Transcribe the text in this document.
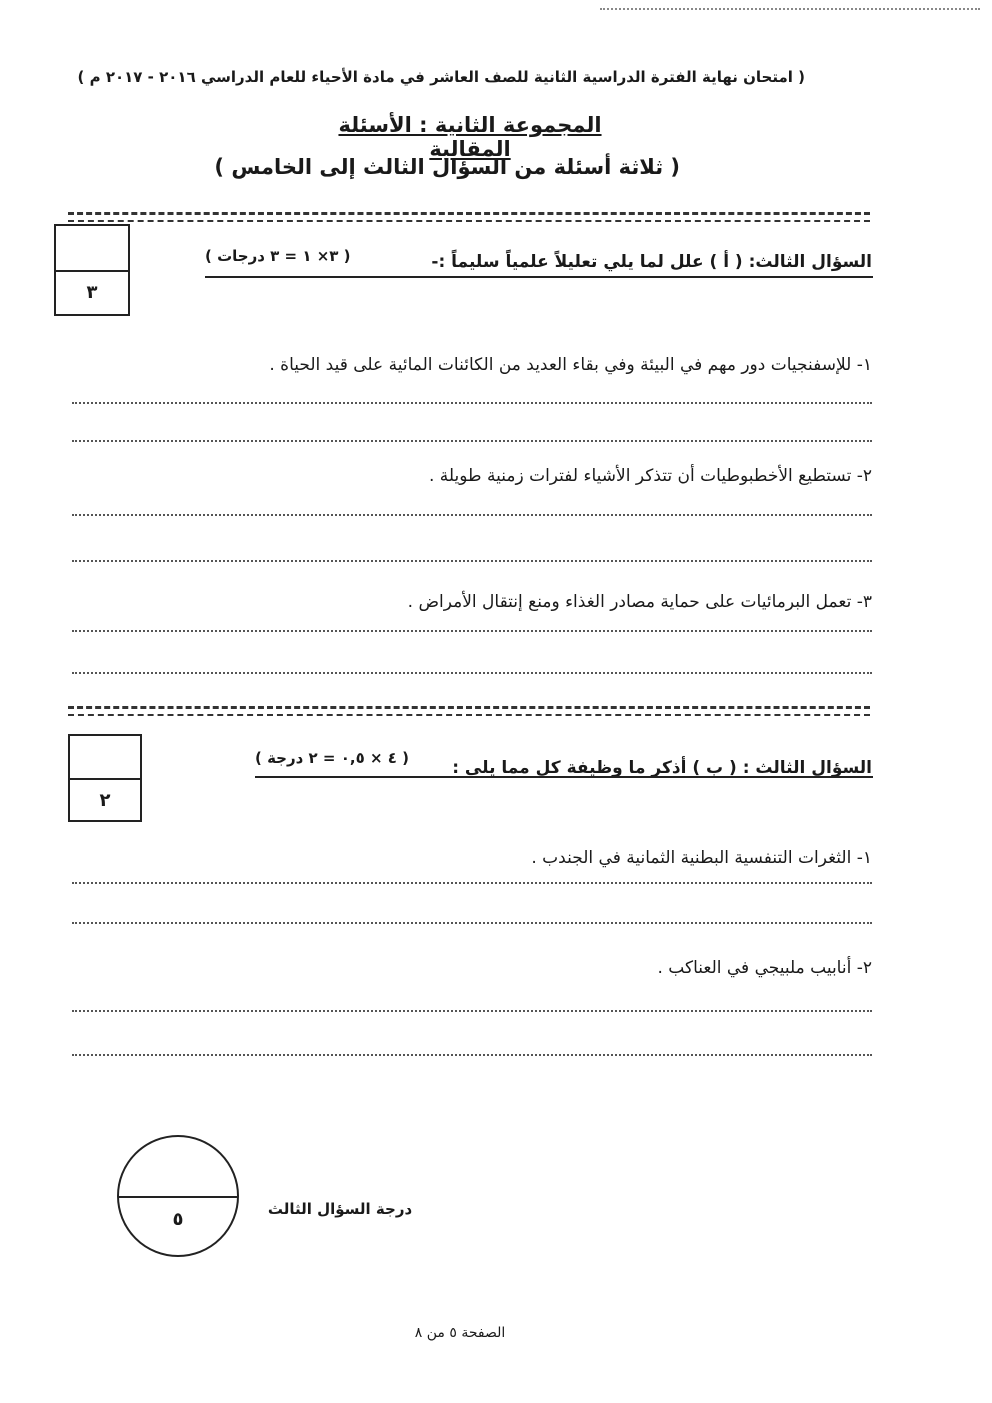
( امتحان نهاية الفترة الدراسية الثانية للصف العاشر في مادة الأحياء للعام الدراسي ٢٠١٦ - ٢٠١٧ م )
المجموعة الثانية : الأسئلة المقالية
( ثلاثة أسئلة من السؤال الثالث إلى الخامس )
٣
السؤال الثالث: ( أ ) علل لما يلي تعليلاً علمياً سليماً :-
( ٣× ١ = ٣ درجات )
١- للإسفنجيات دور مهم في البيئة وفي بقاء العديد من الكائنات المائية على قيد الحياة .
٢- تستطيع الأخطبوطيات أن تتذكر الأشياء لفترات زمنية طويلة .
٣- تعمل البرمائيات على حماية مصادر الغذاء ومنع إنتقال الأمراض .
٢
السؤال الثالث : ( ب ) أذكر ما وظيفة كل مما يلي :
( ٤ × ٠,٥ = ٢ درجة )
١- الثغرات التنفسية البطنية الثمانية في الجندب .
٢- أنابيب ملبيجي في العناكب .
٥	درجة السؤال الثالث
الصفحة ٥ من ٨
